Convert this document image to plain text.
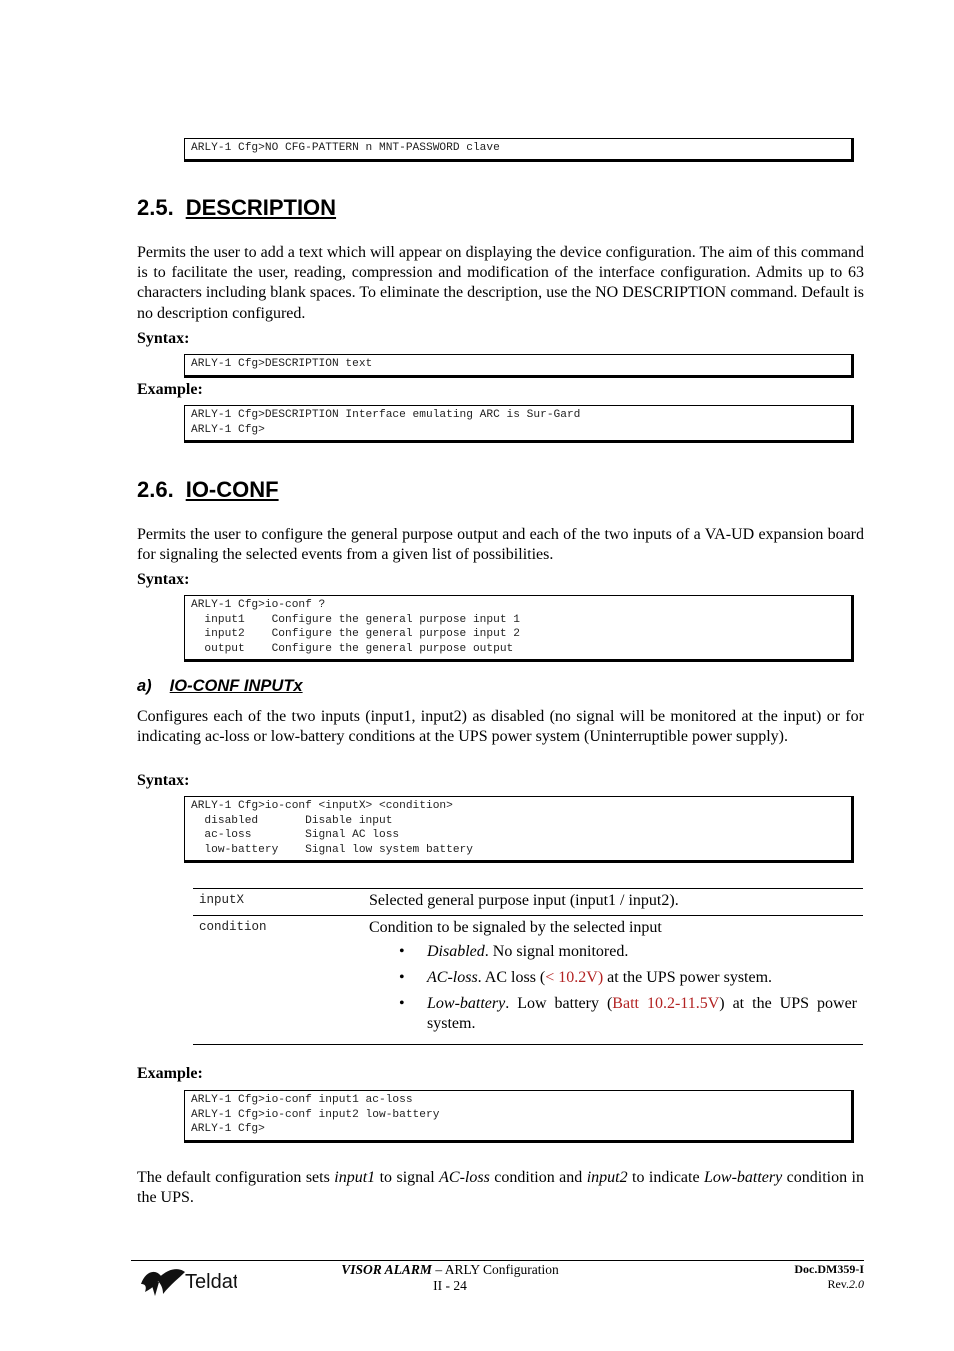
ARLY-1 Cfg>NO CFG-PATTERN n MNT-PASSWORD clave
2.5. DESCRIPTION
Permits the user to add a text which will appear on displaying the device configuration. The aim of this command is to facilitate the user, reading, compression and modification of the interface configuration. Admits up to 63 characters including blank spaces. To eliminate the description, use the NO DESCRIPTION command. Default is no description configured.
Syntax:
ARLY-1 Cfg>DESCRIPTION text
Example:
ARLY-1 Cfg>DESCRIPTION Interface emulating ARC is Sur-Gard
ARLY-1 Cfg>
2.6. IO-CONF
Permits the user to configure the general purpose output and each of the two inputs of a VA-UD expansion board for signaling the selected events from a given list of possibilities.
Syntax:
ARLY-1 Cfg>io-conf ?
input1    Configure the general purpose input 1
input2    Configure the general purpose input 2
output    Configure the general purpose output
a) IO-CONF INPUTx
Configures each of the two inputs (input1, input2) as disabled (no signal will be monitored at the input) or for indicating ac-loss or low-battery conditions at the UPS power system (Uninterruptible power supply).
Syntax:
ARLY-1 Cfg>io-conf <inputX> <condition>
disabled       Disable input
ac-loss        Signal AC loss
low-battery    Signal low system battery
inputX	Selected general purpose input (input1 / input2).
condition	Condition to be signaled by the selected input
• Disabled. No signal monitored.
• AC-loss. AC loss (< 10.2V) at the UPS power system.
• Low-battery. Low battery (Batt 10.2-11.5V) at the UPS power system.
Example:
ARLY-1 Cfg>io-conf input1 ac-loss
ARLY-1 Cfg>io-conf input2 low-battery
ARLY-1 Cfg>
The default configuration sets input1 to signal AC-loss condition and input2 to indicate Low-battery condition in the UPS.
Teldat
VISOR ALARM – ARLY Configuration
II - 24
Doc.DM359-I
Rev.2.0
